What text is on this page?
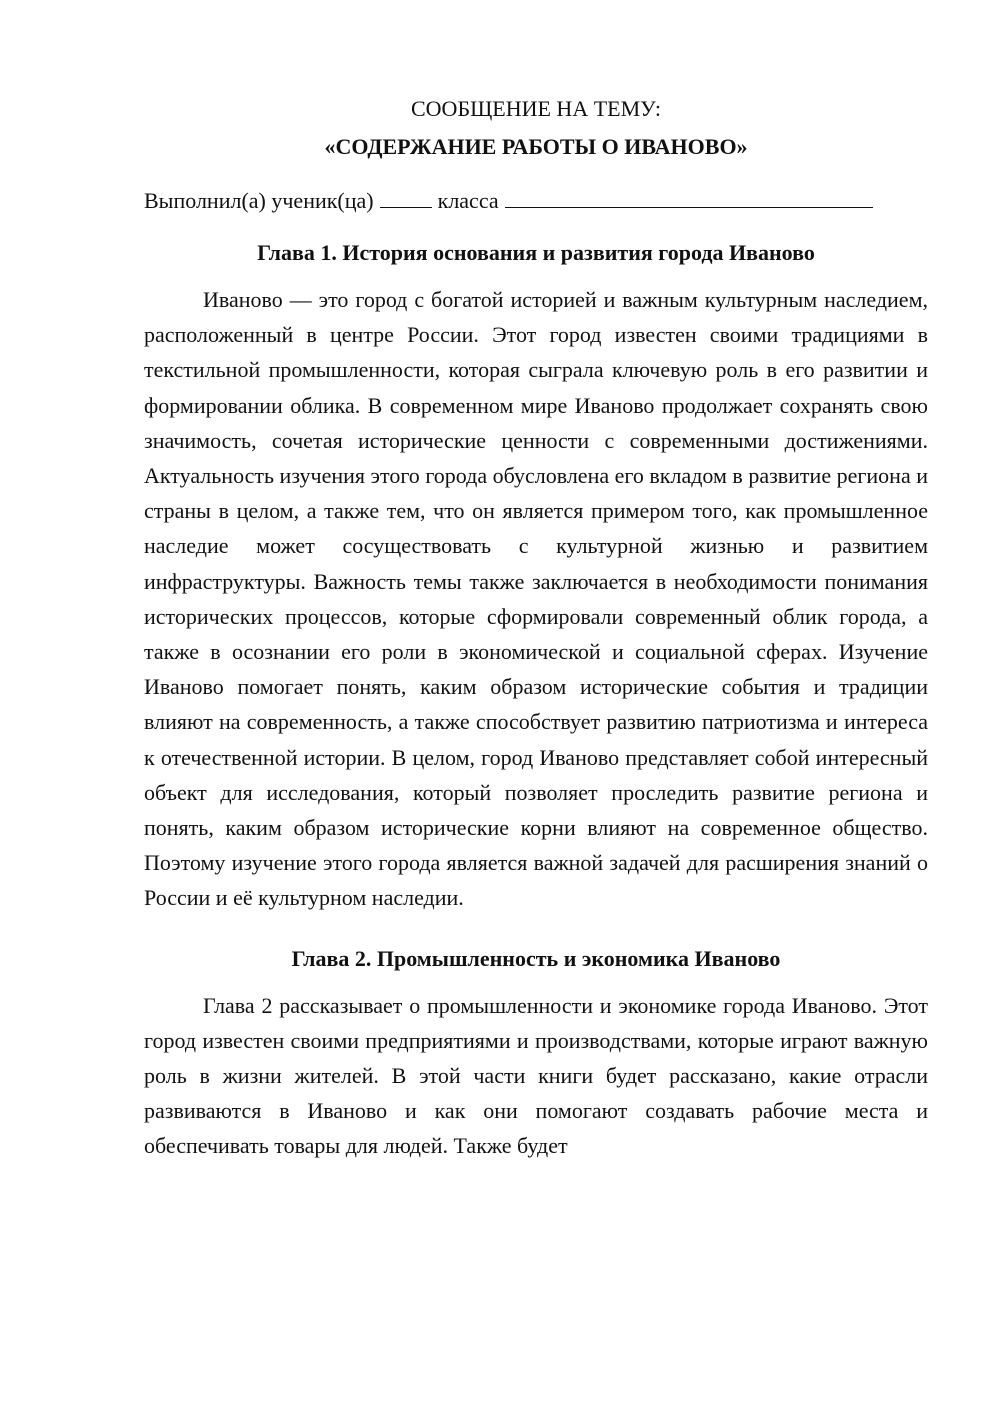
СООБЩЕНИЕ НА ТЕМУ:

«СОДЕРЖАНИЕ РАБОТЫ О ИВАНОВО»

Выполнил(а) ученик(ца)	класса
Глава 1. История основания и развития города Иваново

Иваново — это город с богатой историей и важным культурным наследием, расположенный в центре России. Этот город известен своими традициями в текстильной промышленности, которая сыграла ключевую роль в его развитии и формировании облика. В современном мире Иваново продолжает сохранять свою значимость, сочетая исторические ценности с современными достижениями. Актуальность изучения этого города обусловлена его вкладом в развитие региона и страны в целом, а также тем, что он является примером того, как промышленное наследие может сосуществовать с культурной жизнью и развитием инфраструктуры. Важность темы также заключается в необходимости понимания исторических процессов, которые сформировали современный облик города, а также в осознании его роли в экономической и социальной сферах. Изучение Иваново помогает понять, каким образом исторические события и традиции влияют на современность, а также способствует развитию патриотизма и интереса к отечественной истории. В целом, город Иваново представляет собой интересный объект для исследования, который позволяет проследить развитие региона и понять, каким образом исторические корни влияют на современное общество. Поэтому изучение этого города является важной задачей для расширения знаний о России и её культурном наследии.

Глава 2. Промышленность и экономика Иваново

Глава 2 рассказывает о промышленности и экономике города Иваново. Этот город известен своими предприятиями и производствами, которые играют важную роль в жизни жителей. В этой части книги будет рассказано, какие отрасли развиваются в Иваново и как они помогают создавать рабочие места и обеспечивать товары для людей. Также будет
